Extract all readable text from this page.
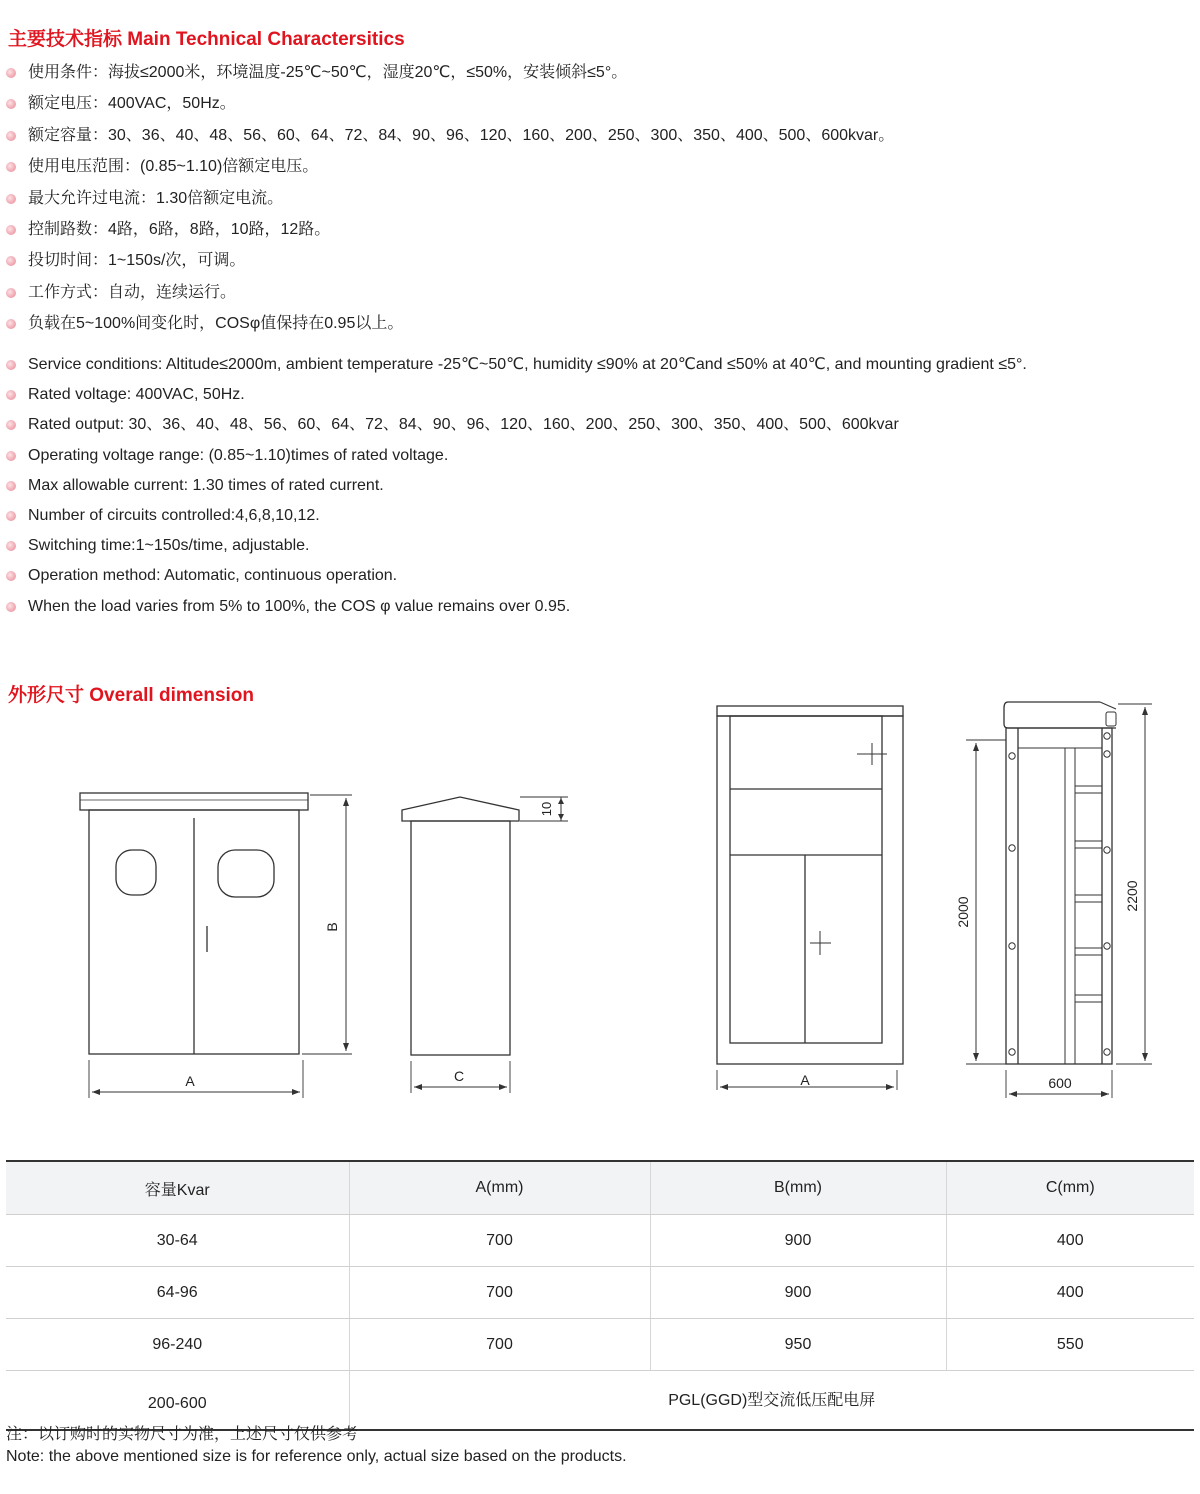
主要技术指标 Main Technical Charactersitics
使用条件：海拔≤2000米，环境温度-25℃~50℃，湿度20℃，≤50%，安装倾斜≤5°。
额定电压：400VAC，50Hz。
额定容量：30、36、40、48、56、60、64、72、84、90、96、120、160、200、250、300、350、400、500、600kvar。
使用电压范围：(0.85~1.10)倍额定电压。
最大允许过电流：1.30倍额定电流。
控制路数：4路，6路，8路，10路，12路。
投切时间：1~150s/次，可调。
工作方式：自动，连续运行。
负载在5~100%间变化时，COSφ值保持在0.95以上。
Service conditions: Altitude≤2000m, ambient temperature -25℃~50℃, humidity ≤90% at 20℃and ≤50% at 40℃, and mounting gradient ≤5°.
Rated voltage: 400VAC, 50Hz.
Rated output: 30、36、40、48、56、60、64、72、84、90、96、120、160、200、250、300、350、400、500、600kvar
Operating voltage range: (0.85~1.10)times of rated voltage.
Max allowable current: 1.30 times of rated current.
Number of circuits controlled:4,6,8,10,12.
Switching time:1~150s/time, adjustable.
Operation method: Automatic, continuous operation.
When the load varies from 5% to 100%, the COS φ value remains over 0.95.
外形尺寸 Overall dimension
A
B
C
10
A
2000
2200
600
容量Kvar	A(mm)	B(mm)	C(mm)
30-64	700	900	400
64-96	700	900	400
96-240	700	950	550
200-600	PGL(GGD)型交流低压配电屏		
注：以订购时的实物尺寸为准，上述尺寸仅供参考
Note: the above mentioned size is for reference only, actual size based on the products.
